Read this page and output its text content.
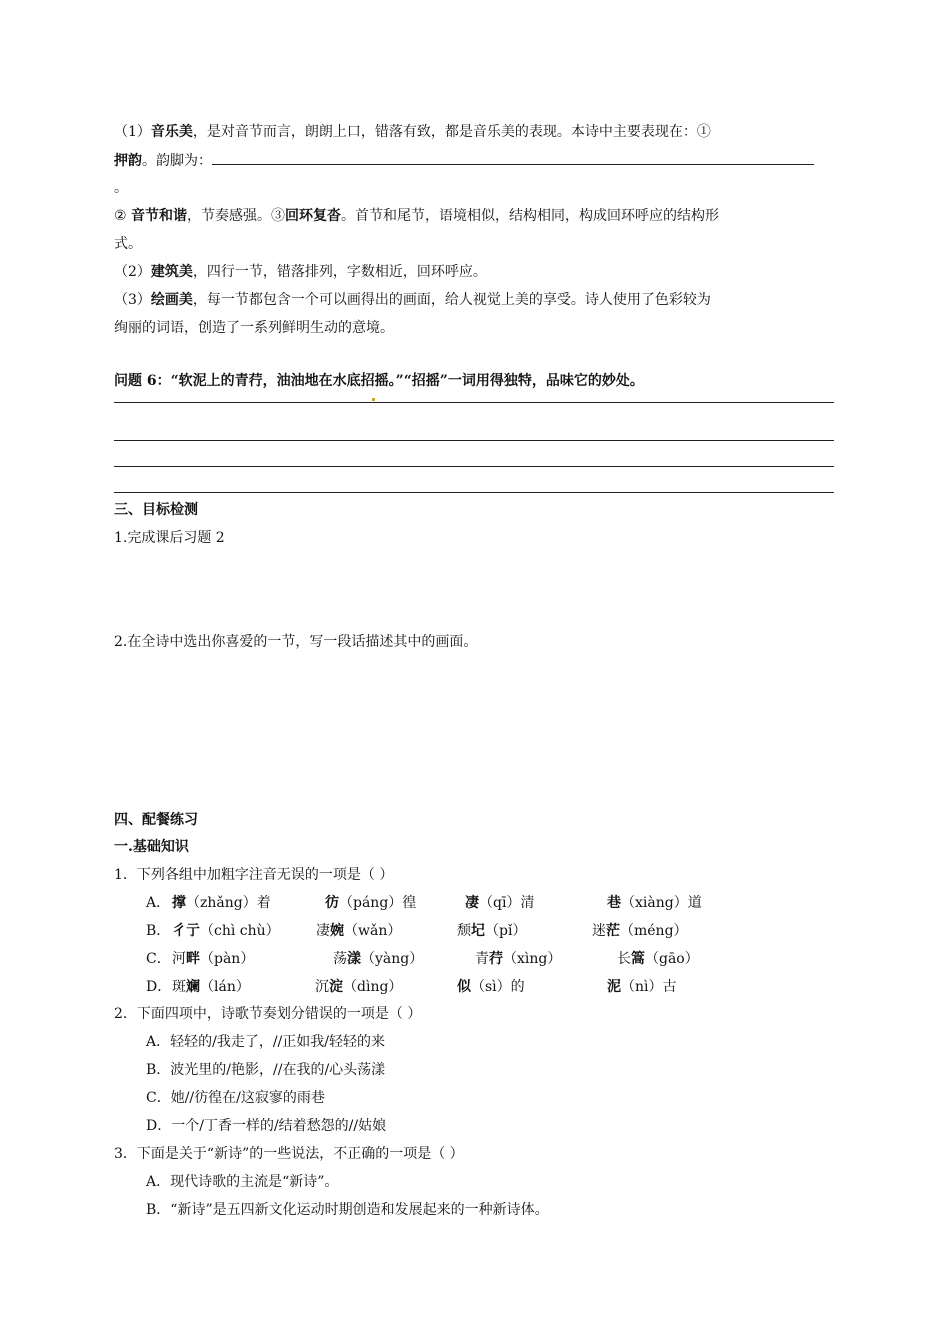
（1）音乐美，是对音节而言，朗朗上口，错落有致，都是音乐美的表现。本诗中主要表现在：①
押韵。韵脚为：
。
② 音节和谐，节奏感强。③回环复沓。首节和尾节，语境相似，结构相同，构成回环呼应的结构形
式。
（2）建筑美，四行一节，错落排列，字数相近，回环呼应。
（3）绘画美，每一节都包含一个可以画得出的画面，给人视觉上美的享受。诗人使用了色彩较为
绚丽的词语，创造了一系列鲜明生动的意境。
问题 6：“软泥上的青荇，油油地在水底招摇。”“招摇”一词用得独特，品味它的妙处。
三、目标检测
1.完成课后习题 2
2.在全诗中选出你喜爱的一节，写一段话描述其中的画面。
四、配餐练习
一.基础知识
1．下列各组中加粗字注音无误的一项是（ ）
A． 撑（zhǎng）着	彷（páng）徨	凄（qī）清	巷（xiàng）道
B． 彳亍（chì chù）	凄婉（wǎn）	颓圮（pǐ）	迷茫（méng）
C． 河畔（pàn）	荡漾（yàng）	青荇（xìng）	长篙（gāo）
D． 斑斓（lán）	沉淀（dìng）	似（sì）的	泥（nì）古
2．下面四项中，诗歌节奏划分错误的一项是（ ）
A．轻轻的/我走了，//正如我/轻轻的来
B．波光里的/艳影，//在我的/心头荡漾
C．她//彷徨在/这寂寥的雨巷
D．一个/丁香一样的/结着愁怨的//姑娘
3．下面是关于“新诗”的一些说法，不正确的一项是（ ）
A．现代诗歌的主流是“新诗”。
B．“新诗”是五四新文化运动时期创造和发展起来的一种新诗体。
